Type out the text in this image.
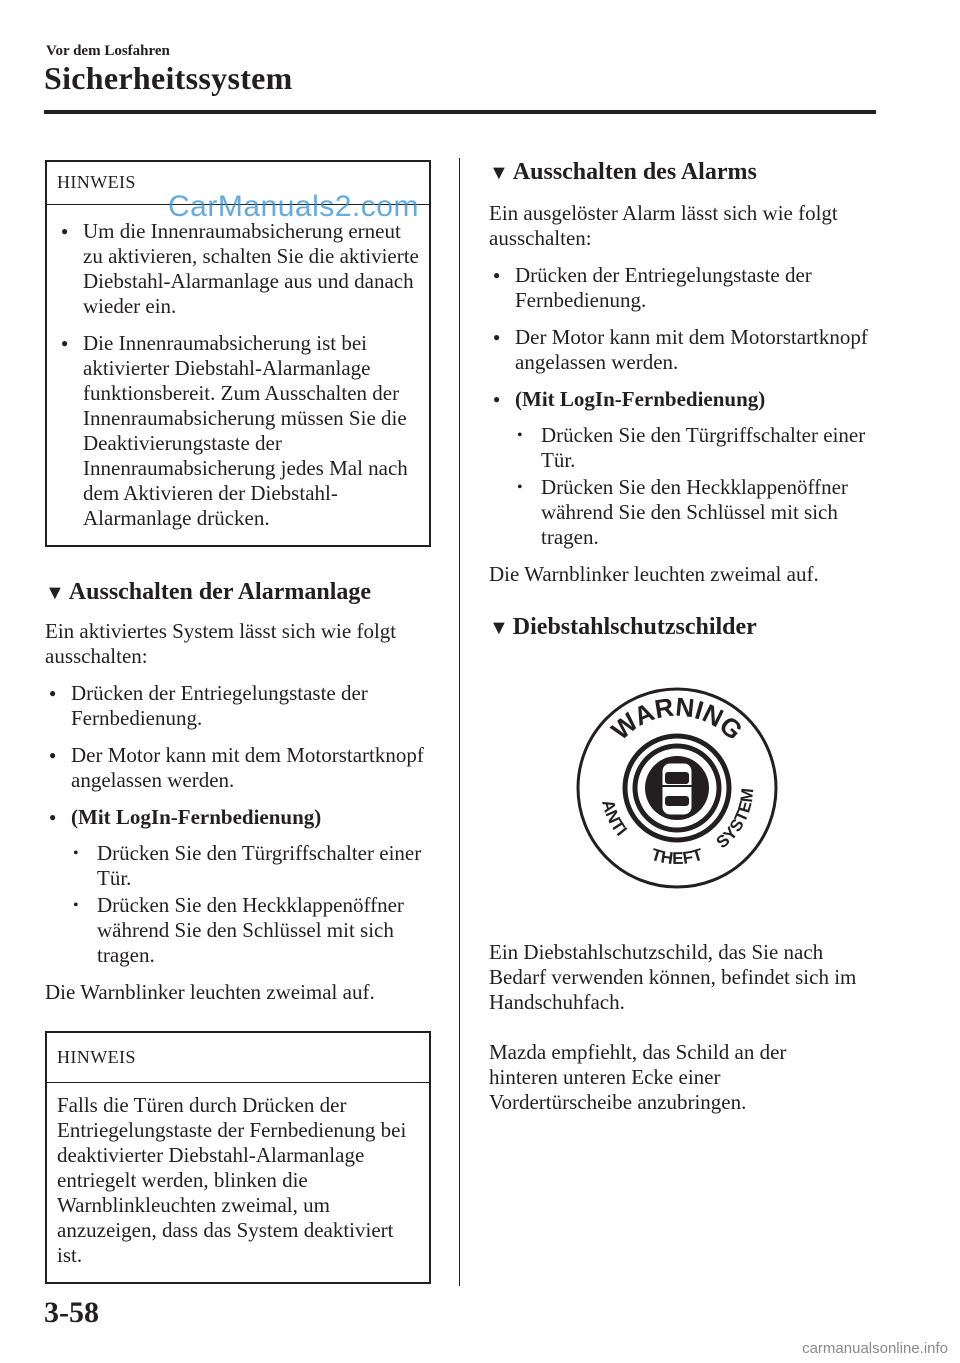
Vor dem Losfahren
Sicherheitssystem
HINWEIS
● Um die Innenraumabsicherung erneut zu aktivieren, schalten Sie die aktivierte Diebstahl-Alarmanlage aus und danach wieder ein.
● Die Innenraumabsicherung ist bei aktivierter Diebstahl-Alarmanlage funktionsbereit. Zum Ausschalten der Innenraumabsicherung müssen Sie die Deaktivierungstaste der Innenraumabsicherung jedes Mal nach dem Aktivieren der Diebstahl-Alarmanlage drücken.
▼ Ausschalten der Alarmanlage

Ein aktiviertes System lässt sich wie folgt ausschalten:

● Drücken der Entriegelungstaste der Fernbedienung.
● Der Motor kann mit dem Motorstartknopf angelassen werden.
● (Mit LogIn-Fernbedienung)
• Drücken Sie den Türgriffschalter einer Tür.
• Drücken Sie den Heckklappenöffner während Sie den Schlüssel mit sich tragen.

Die Warnblinker leuchten zweimal auf.

HINWEIS

Falls die Türen durch Drücken der Entriegelungstaste der Fernbedienung bei deaktivierter Diebstahl-Alarmanlage entriegelt werden, blinken die Warnblinkleuchten zweimal, um anzuzeigen, dass das System deaktiviert ist.

▼ Ausschalten des Alarms

Ein ausgelöster Alarm lässt sich wie folgt ausschalten:

● Drücken der Entriegelungstaste der Fernbedienung.
● Der Motor kann mit dem Motorstartknopf angelassen werden.
● (Mit LogIn-Fernbedienung)
• Drücken Sie den Türgriffschalter einer Tür.
• Drücken Sie den Heckklappenöffner während Sie den Schlüssel mit sich tragen.

Die Warnblinker leuchten zweimal auf.

▼ Diebstahlschutzschilder
WARNING
ANTI
THEFT
SYSTEM

Ein Diebstahlschutzschild, das Sie nach Bedarf verwenden können, befindet sich im Handschuhfach.

Mazda empfiehlt, das Schild an der hinteren unteren Ecke einer Vordertürscheibe anzubringen.

CarManuals2.com
3-58
carmanualsonline.info
